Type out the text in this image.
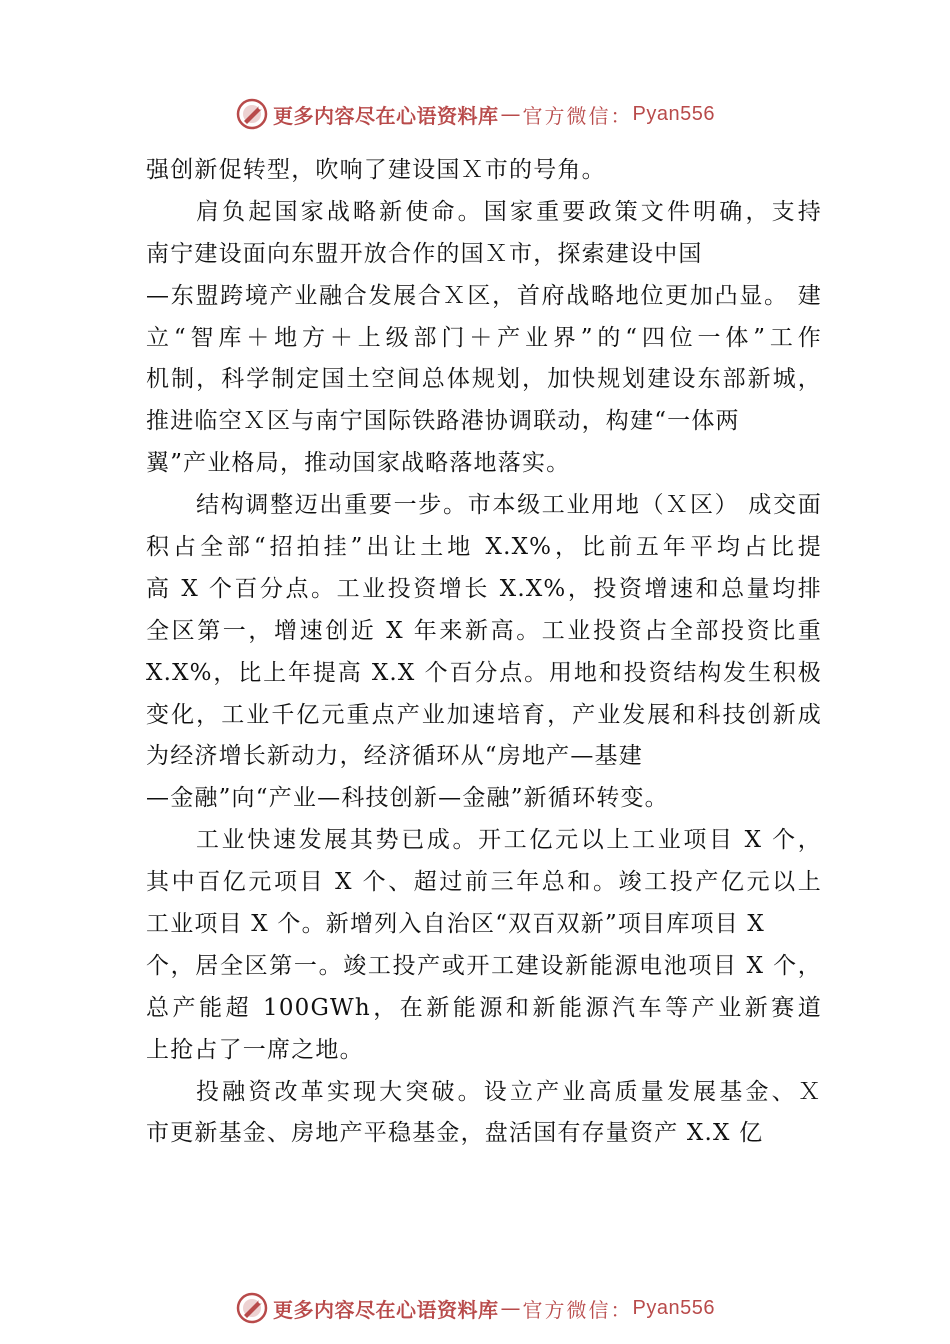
更多内容尽在心语资料库 — 官方微信： Pyan556
强创新促转型，吹响了建设国Ｘ市的号角。
肩负起国家战略新使命。国家重要政策文件明确，支持
南宁建设面向东盟开放合作的国Ｘ市，探索建设中国
—东盟跨境产业融合发展合Ｘ区，首府战略地位更加凸显。 建
立“智库＋地方＋上级部门＋产业界”的“四位一体”工作
机制，科学制定国土空间总体规划，加快规划建设东部新城，
推进临空Ｘ区与南宁国际铁路港协调联动，构建“一体两
翼”产业格局，推动国家战略落地落实。
结构调整迈出重要一步。市本级工业用地（Ｘ区） 成交面
积占全部“招拍挂”出让土地 X.X%，比前五年平均占比提
高 X 个百分点。工业投资增长 X.X%，投资增速和总量均排
全区第一，增速创近 X 年来新高。工业投资占全部投资比重
X.X%，比上年提高 X.X 个百分点。用地和投资结构发生积极
变化，工业千亿元重点产业加速培育，产业发展和科技创新成
为经济增长新动力，经济循环从“房地产—基建
—金融”向“产业—科技创新—金融”新循环转变。
工业快速发展其势已成。开工亿元以上工业项目 X 个，
其中百亿元项目 X 个、超过前三年总和。竣工投产亿元以上
工业项目 X 个。新增列入自治区“双百双新”项目库项目 X
个，居全区第一。竣工投产或开工建设新能源电池项目 X 个，
总产能超 100GWh，在新能源和新能源汽车等产业新赛道
上抢占了一席之地。
投融资改革实现大突破。设立产业高质量发展基金、Ｘ
市更新基金、房地产平稳基金，盘活国有存量资产 X.X 亿
更多内容尽在心语资料库 — 官方微信： Pyan556
